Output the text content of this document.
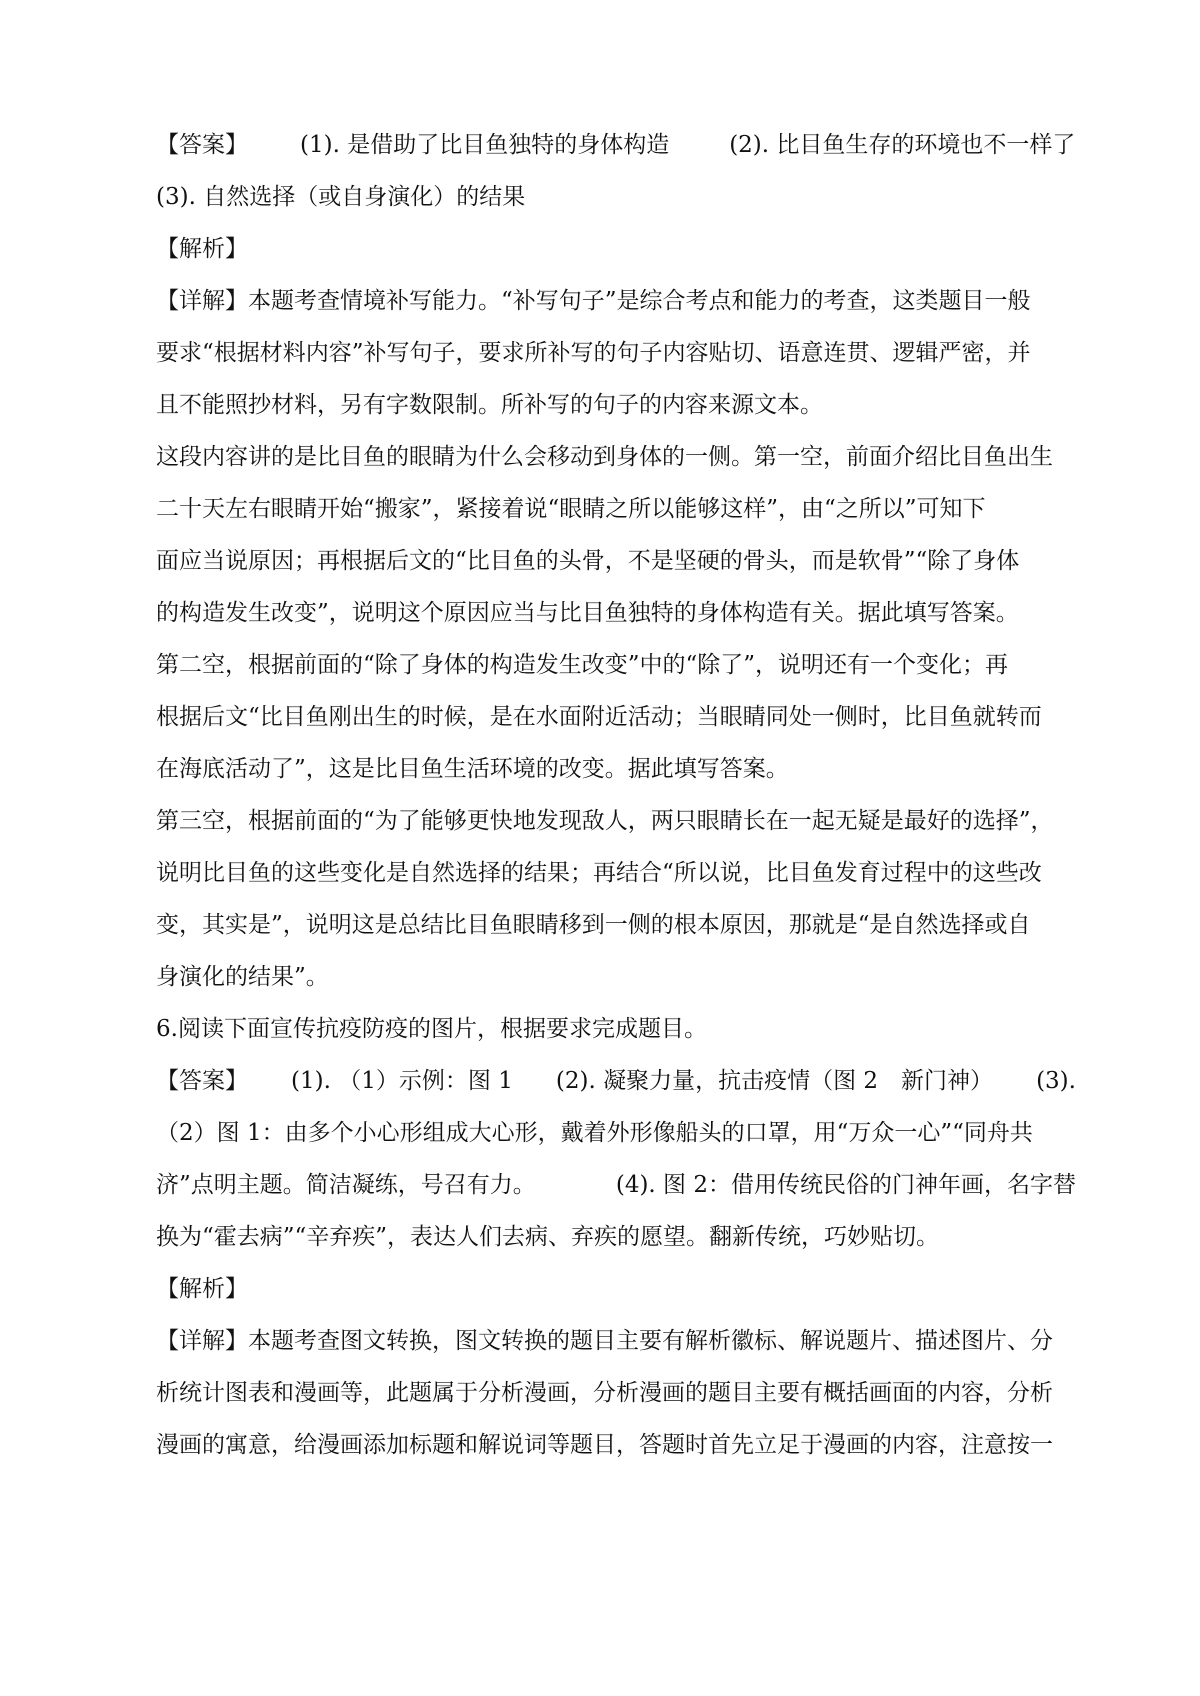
【答案】 (1). 是借助了比目鱼独特的身体构造	(2). 比目鱼生存的环境也不一样了
(3). 自然选择（或自身演化）的结果
【解析】
【详解】本题考查情境补写能力。“补写句子”是综合考点和能力的考查，这类题目一般
要求“根据材料内容”补写句子，要求所补写的句子内容贴切、语意连贯、逻辑严密，并
且不能照抄材料，另有字数限制。所补写的句子的内容来源文本。
这段内容讲的是比目鱼的眼睛为什么会移动到身体的一侧。第一空，前面介绍比目鱼出生
二十天左右眼睛开始“搬家”，紧接着说“眼睛之所以能够这样”，由“之所以”可知下
面应当说原因；再根据后文的“比目鱼的头骨，不是坚硬的骨头，而是软骨”“除了身体
的构造发生改变”，说明这个原因应当与比目鱼独特的身体构造有关。据此填写答案。
第二空，根据前面的“除了身体的构造发生改变”中的“除了”，说明还有一个变化；再
根据后文“比目鱼刚出生的时候，是在水面附近活动；当眼睛同处一侧时，比目鱼就转而
在海底活动了”，这是比目鱼生活环境的改变。据此填写答案。
第三空，根据前面的“为了能够更快地发现敌人，两只眼睛长在一起无疑是最好的选择”，
说明比目鱼的这些变化是自然选择的结果；再结合“所以说，比目鱼发育过程中的这些改
变，其实是”，说明这是总结比目鱼眼睛移到一侧的根本原因，那就是“是自然选择或自
身演化的结果”。
6.阅读下面宣传抗疫防疫的图片，根据要求完成题目。
【答案】 (1). （1）示例：图 1 (2). 凝聚力量，抗击疫情（图 2　新门神） (3).
（2）图 1：由多个小心形组成大心形，戴着外形像船头的口罩，用“万众一心”“同舟共
济”点明主题。简洁凝练，号召有力。	(4). 图 2：借用传统民俗的门神年画，名字替
换为“霍去病”“辛弃疾”，表达人们去病、弃疾的愿望。翻新传统，巧妙贴切。
【解析】
【详解】本题考查图文转换，图文转换的题目主要有解析徽标、解说题片、描述图片、分
析统计图表和漫画等，此题属于分析漫画，分析漫画的题目主要有概括画面的内容，分析
漫画的寓意，给漫画添加标题和解说词等题目，答题时首先立足于漫画的内容，注意按一
